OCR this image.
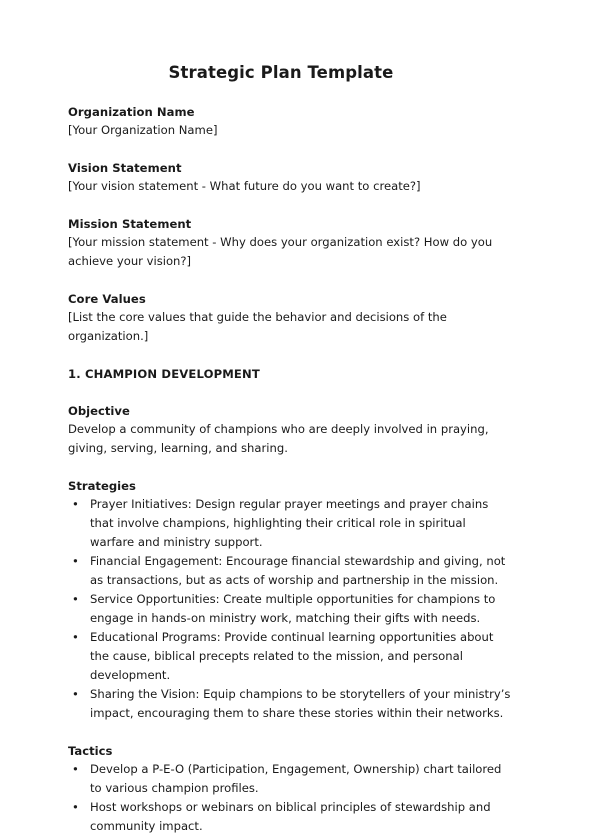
Strategic Plan Template

Organization Name

[Your Organization Name]

Vision Statement

[Your vision statement - What future do you want to create?]

Mission Statement

[Your mission statement - Why does your organization exist? How do you achieve your vision?]

Core Values

[List the core values that guide the behavior and decisions of the organization.]

1. CHAMPION DEVELOPMENT

Objective

Develop a community of champions who are deeply involved in praying, giving, serving, learning, and sharing.

Strategies

• Prayer Initiatives: Design regular prayer meetings and prayer chains that involve champions, highlighting their critical role in spiritual warfare and ministry support.
• Financial Engagement: Encourage financial stewardship and giving, not as transactions, but as acts of worship and partnership in the mission.
• Service Opportunities: Create multiple opportunities for champions to engage in hands-on ministry work, matching their gifts with needs.
• Educational Programs: Provide continual learning opportunities about the cause, biblical precepts related to the mission, and personal development.
• Sharing the Vision: Equip champions to be storytellers of your ministry’s impact, encouraging them to share these stories within their networks.

Tactics

• Develop a P-E-O (Participation, Engagement, Ownership) chart tailored to various champion profiles.
• Host workshops or webinars on biblical principles of stewardship and community impact.
